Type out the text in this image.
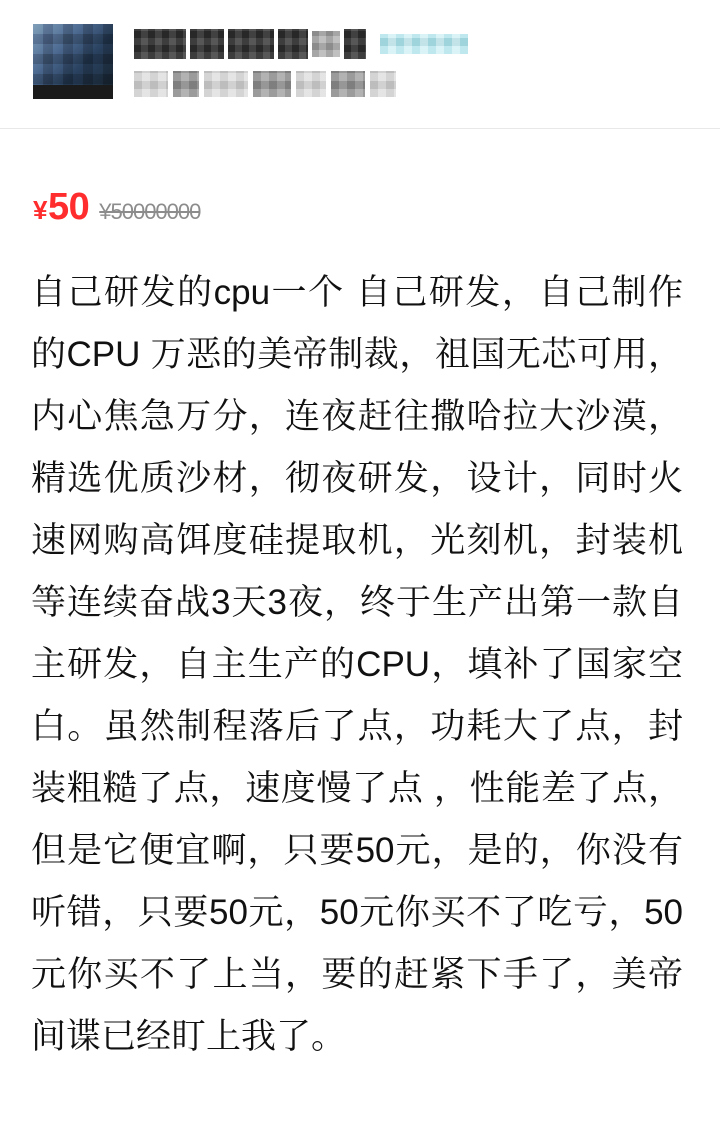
¥50 ¥50000000
自己研发的cpu一个 自己研发，自己制作的CPU 万恶的美帝制裁，祖国无芯可用，内心焦急万分，连夜赶往撒哈拉大沙漠，精选优质沙材，彻夜研发，设计，同时火速网购高饵度硅提取机，光刻机，封装机等连续奋战3天3夜，终于生产出第一款自主研发，自主生产的CPU，填补了国家空白。虽然制程落后了点，功耗大了点，封装粗糙了点，速度慢了点 ，性能差了点，但是它便宜啊，只要50元，是的，你没有听错，只要50元，50元你买不了吃亏，50元你买不了上当，要的赶紧下手了，美帝间谍已经盯上我了。
